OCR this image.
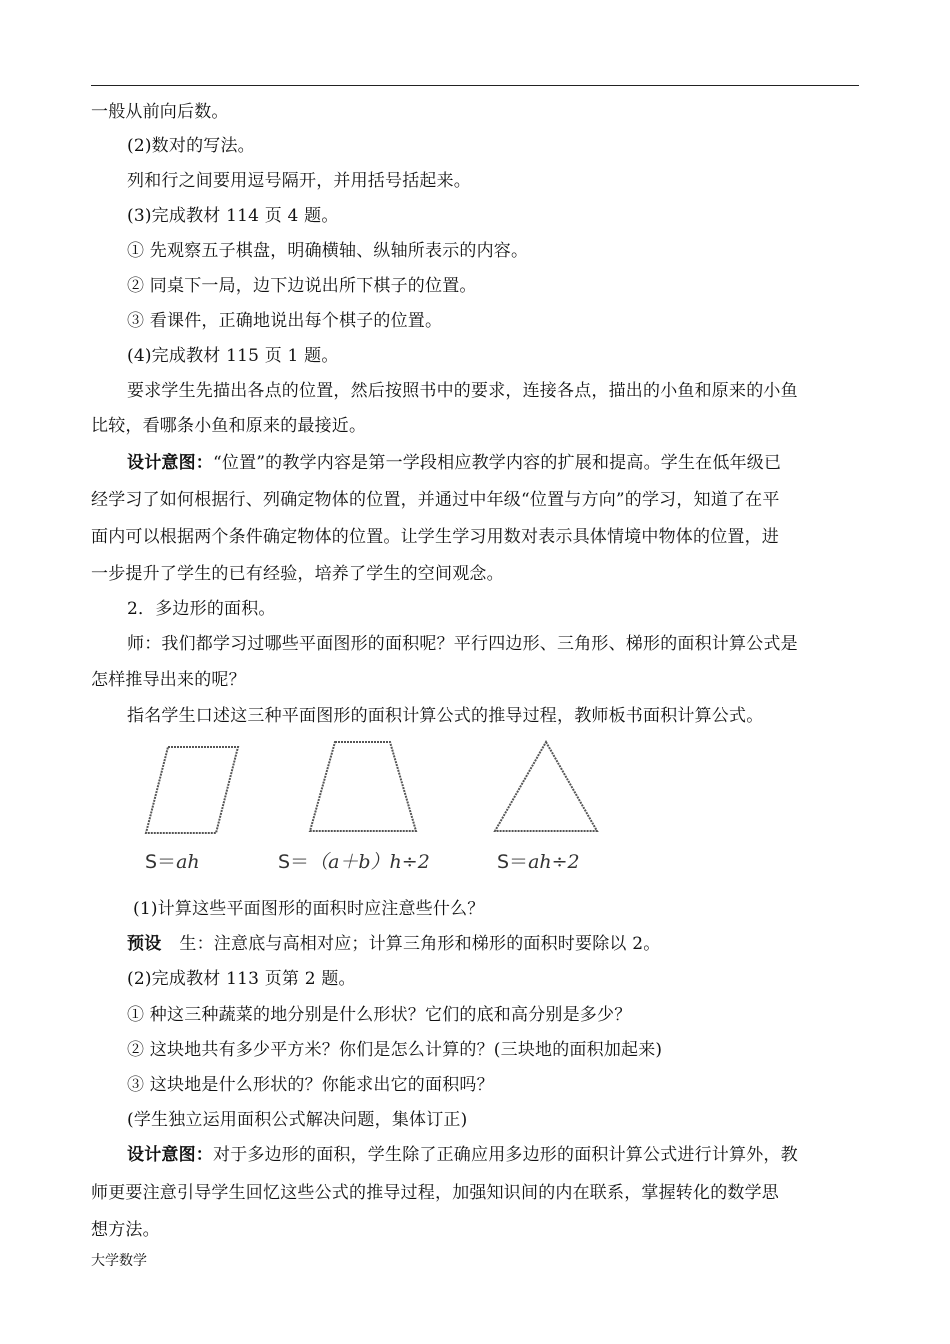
一般从前向后数。
(2)数对的写法。
列和行之间要用逗号隔开，并用括号括起来。
(3)完成教材 114 页 4 题。
① 先观察五子棋盘，明确横轴、纵轴所表示的内容。
② 同桌下一局，边下边说出所下棋子的位置。
③ 看课件，正确地说出每个棋子的位置。
(4)完成教材 115 页 1 题。
要求学生先描出各点的位置，然后按照书中的要求，连接各点，描出的小鱼和原来的小鱼
比较，看哪条小鱼和原来的最接近。
设计意图：“位置”的教学内容是第一学段相应教学内容的扩展和提高。学生在低年级已
经学习了如何根据行、列确定物体的位置，并通过中年级“位置与方向”的学习，知道了在平
面内可以根据两个条件确定物体的位置。让学生学习用数对表示具体情境中物体的位置，进
一步提升了学生的已有经验，培养了学生的空间观念。
2．多边形的面积。
师：我们都学习过哪些平面图形的面积呢？平行四边形、三角形、梯形的面积计算公式是
怎样推导出来的呢？
指名学生口述这三种平面图形的面积计算公式的推导过程，教师板书面积计算公式。
S＝ah	S＝（a＋b）h÷2	S＝ah÷2
(1)计算这些平面图形的面积时应注意些什么？
预设 生：注意底与高相对应；计算三角形和梯形的面积时要除以 2。
(2)完成教材 113 页第 2 题。
① 种这三种蔬菜的地分别是什么形状？它们的底和高分别是多少？
② 这块地共有多少平方米？你们是怎么计算的？(三块地的面积加起来)
③ 这块地是什么形状的？你能求出它的面积吗？
(学生独立运用面积公式解决问题，集体订正)
设计意图：对于多边形的面积，学生除了正确应用多边形的面积计算公式进行计算外，教
师更要注意引导学生回忆这些公式的推导过程，加强知识间的内在联系，掌握转化的数学思
想方法。
大学数学
